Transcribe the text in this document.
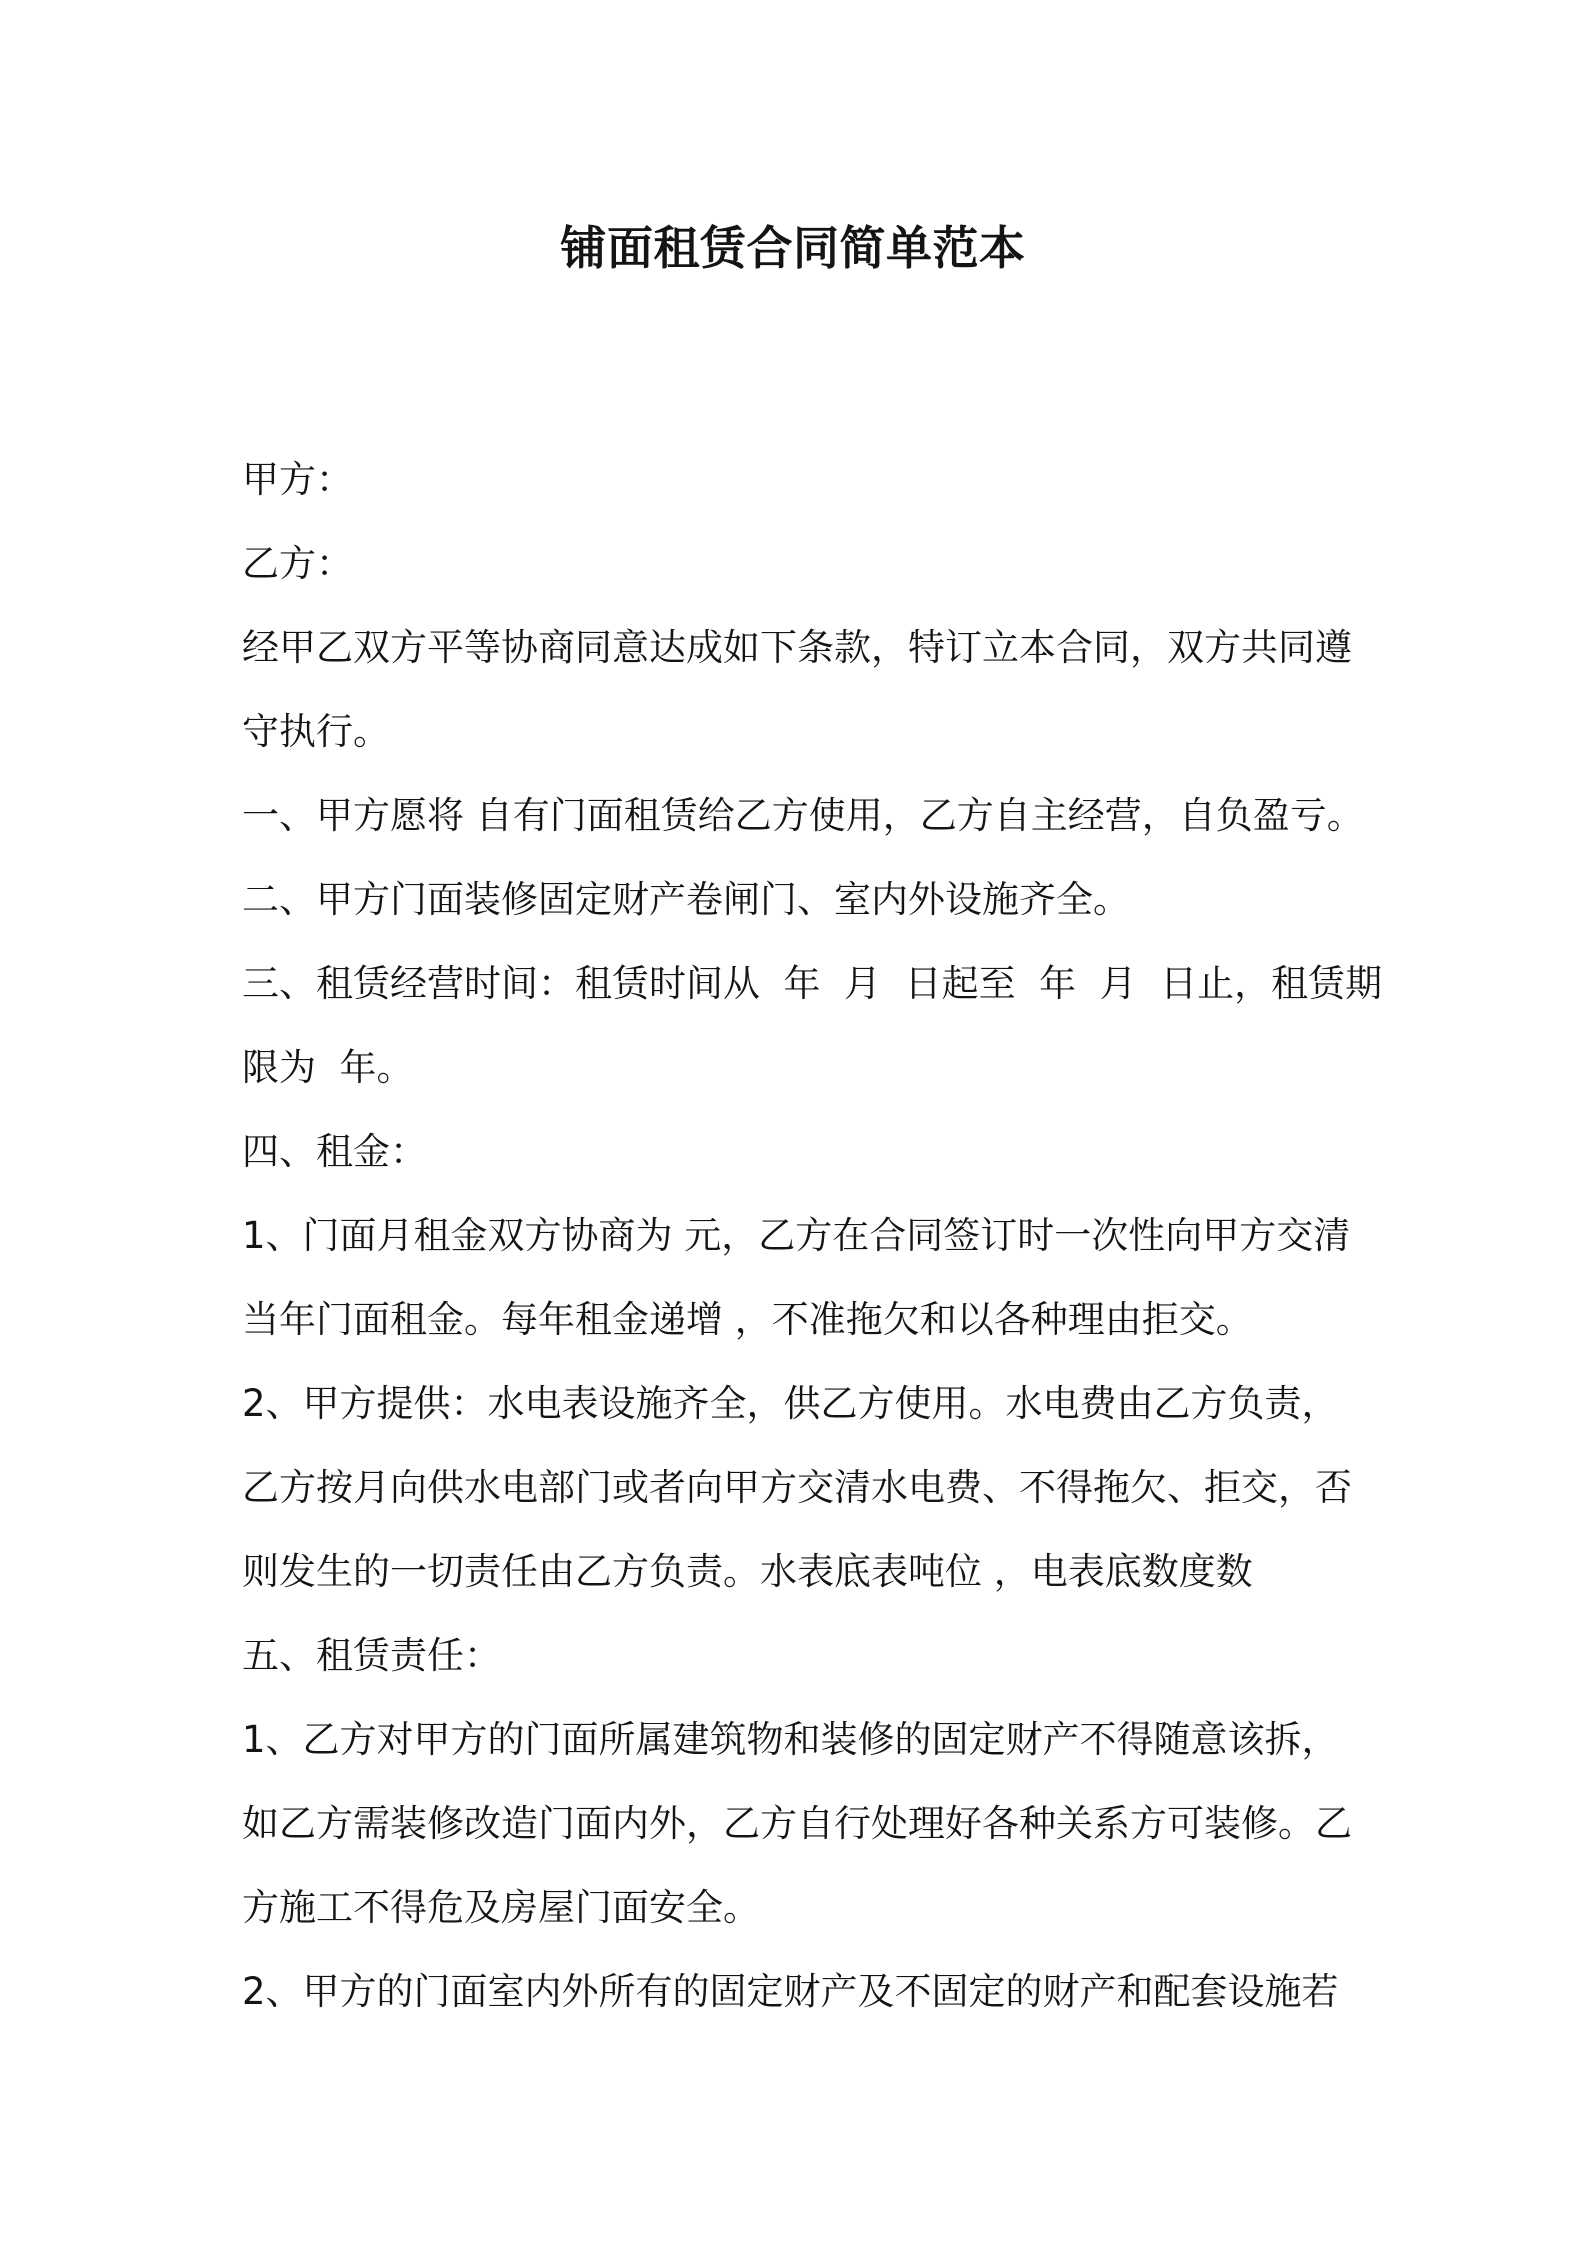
铺面租赁合同简单范本
甲方：
乙方：
经甲乙双方平等协商同意达成如下条款，特订立本合同，双方共同遵
守执行。
一、甲方愿将 自有门面租赁给乙方使用，乙方自主经营，自负盈亏。
二、甲方门面装修固定财产卷闸门、室内外设施齐全。
三、租赁经营时间：租赁时间从  年  月  日起至  年  月  日止，租赁期
限为  年。
四、租金：
1、门面月租金双方协商为 元，乙方在合同签订时一次性向甲方交清
当年门面租金。每年租金递增 ，不准拖欠和以各种理由拒交。
2、甲方提供：水电表设施齐全，供乙方使用。水电费由乙方负责，
乙方按月向供水电部门或者向甲方交清水电费、不得拖欠、拒交，否
则发生的一切责任由乙方负责。水表底表吨位 ，电表底数度数
五、租赁责任：
1、乙方对甲方的门面所属建筑物和装修的固定财产不得随意该拆，
如乙方需装修改造门面内外，乙方自行处理好各种关系方可装修。乙
方施工不得危及房屋门面安全。
2、甲方的门面室内外所有的固定财产及不固定的财产和配套设施若
